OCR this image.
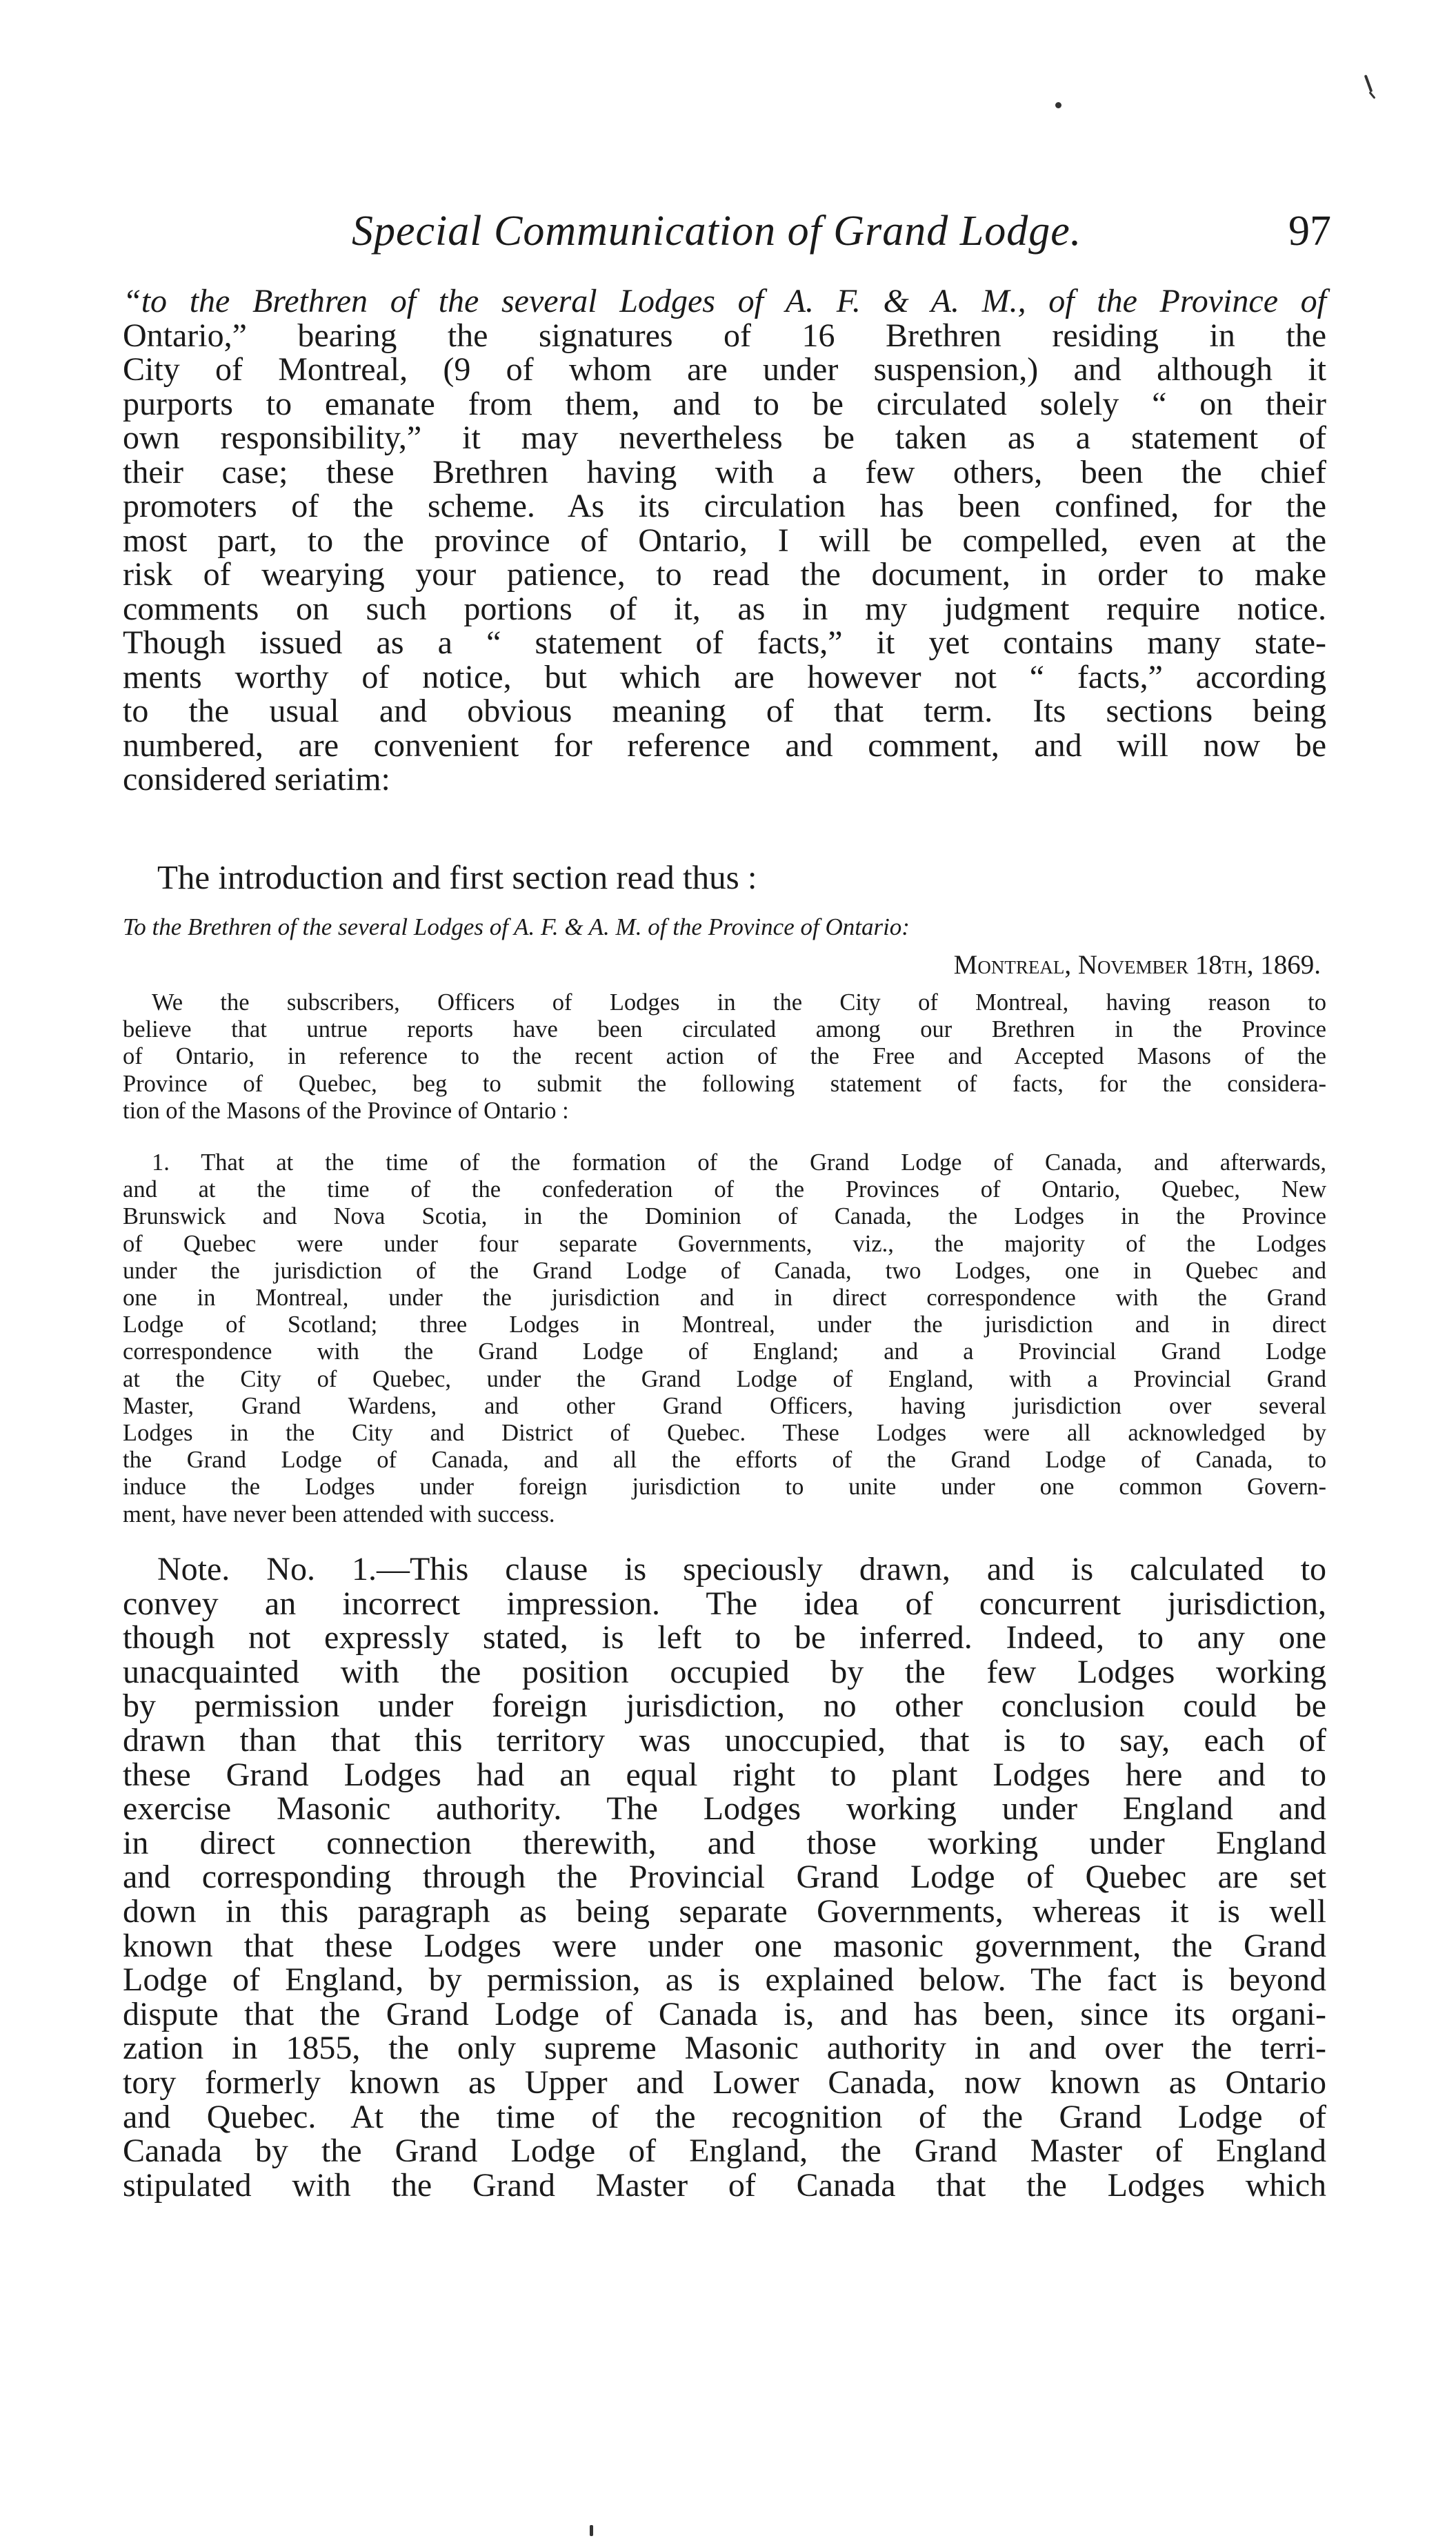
Special Communication of Grand Lodge.	97
“to the Brethren of the several Lodges of A. F. & A. M., of the Province of
Ontario,” bearing the signatures of 16 Brethren residing in the
City of Montreal, (9 of whom are under suspension,) and although it
purports to emanate from them, and to be circulated solely “ on their
own responsibility,” it may nevertheless be taken as a statement of
their case; these Brethren having with a few others, been the chief
promoters of the scheme. As its circulation has been confined, for the
most part, to the province of Ontario, I will be compelled, even at the
risk of wearying your patience, to read the document, in order to make
comments on such portions of it, as in my judgment require notice.
Though issued as a “ statement of facts,” it yet contains many state-
ments worthy of notice, but which are however not “ facts,” according
to the usual and obvious meaning of that term. Its sections being
numbered, are convenient for reference and comment, and will now be
considered seriatim:
The introduction and first section read thus :
To the Brethren of the several Lodges of A. F. & A. M. of the Province of Ontario:
Montreal, November 18th, 1869.
We the subscribers, Officers of Lodges in the City of Montreal, having reason to
believe that untrue reports have been circulated among our Brethren in the Province
of Ontario, in reference to the recent action of the Free and Accepted Masons of the
Province of Quebec, beg to submit the following statement of facts, for the considera-
tion of the Masons of the Province of Ontario :
1. That at the time of the formation of the Grand Lodge of Canada, and afterwards,
and at the time of the confederation of the Provinces of Ontario, Quebec, New
Brunswick and Nova Scotia, in the Dominion of Canada, the Lodges in the Province
of Quebec were under four separate Governments, viz., the majority of the Lodges
under the jurisdiction of the Grand Lodge of Canada, two Lodges, one in Quebec and
one in Montreal, under the jurisdiction and in direct correspondence with the Grand
Lodge of Scotland; three Lodges in Montreal, under the jurisdiction and in direct
correspondence with the Grand Lodge of England; and a Provincial Grand Lodge
at the City of Quebec, under the Grand Lodge of England, with a Provincial Grand
Master, Grand Wardens, and other Grand Officers, having jurisdiction over several
Lodges in the City and District of Quebec. These Lodges were all acknowledged by
the Grand Lodge of Canada, and all the efforts of the Grand Lodge of Canada, to
induce the Lodges under foreign jurisdiction to unite under one common Govern-
ment, have never been attended with success.
Note. No. 1.—This clause is speciously drawn, and is calculated to
convey an incorrect impression. The idea of concurrent jurisdiction,
though not expressly stated, is left to be inferred. Indeed, to any one
unacquainted with the position occupied by the few Lodges working
by permission under foreign jurisdiction, no other conclusion could be
drawn than that this territory was unoccupied, that is to say, each of
these Grand Lodges had an equal right to plant Lodges here and to
exercise Masonic authority. The Lodges working under England and
in direct connection therewith, and those working under England
and corresponding through the Provincial Grand Lodge of Quebec are set
down in this paragraph as being separate Governments, whereas it is well
known that these Lodges were under one masonic government, the Grand
Lodge of England, by permission, as is explained below. The fact is beyond
dispute that the Grand Lodge of Canada is, and has been, since its organi-
zation in 1855, the only supreme Masonic authority in and over the terri-
tory formerly known as Upper and Lower Canada, now known as Ontario
and Quebec. At the time of the recognition of the Grand Lodge of
Canada by the Grand Lodge of England, the Grand Master of England
stipulated with the Grand Master of Canada that the Lodges which
